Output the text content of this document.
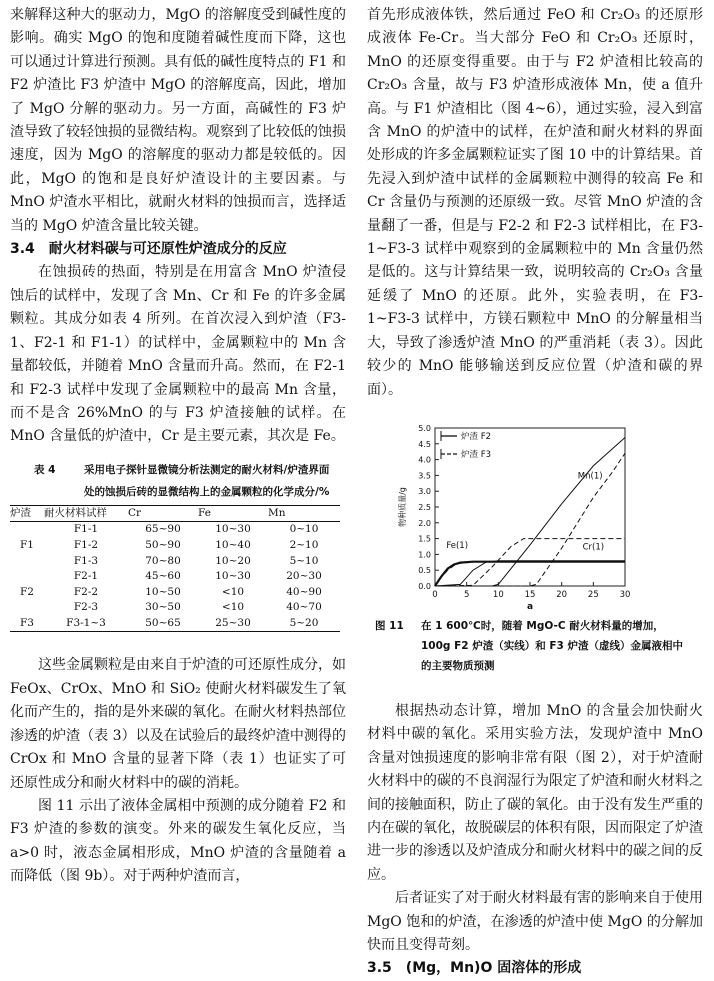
来解释这种大的驱动力，MgO 的溶解度受到碱性度的影响。确实 MgO 的饱和度随着碱性度而下降，这也可以通过计算进行预测。具有低的碱性度特点的 F1 和 F2 炉渣比 F3 炉渣中 MgO 的溶解度高，因此，增加了 MgO 分解的驱动力。另一方面，高碱性的 F3 炉渣导致了较轻蚀损的显微结构。观察到了比较低的蚀损速度，因为 MgO 的溶解度的驱动力都是较低的。因此，MgO 的饱和是良好炉渣设计的主要因素。与 MnO 炉渣水平相比，就耐火材料的蚀损而言，选择适当的 MgO 炉渣含量比较关键。

3.4　耐火材料碳与可还原性炉渣成分的反应

在蚀损砖的热面，特别是在用富含 MnO 炉渣侵蚀后的试样中，发现了含 Mn、Cr 和 Fe 的许多金属颗粒。其成分如表 4 所列。在首次浸入到炉渣（F3-1、F2-1 和 F1-1）的试样中，金属颗粒中的 Mn 含量都较低，并随着 MnO 含量而升高。然而，在 F2-1 和 F2-3 试样中发现了金属颗粒中的最高 Mn 含量，而不是含 26%MnO 的与 F3 炉渣接触的试样。在 MnO 含量低的炉渣中，Cr 是主要元素，其次是 Fe。

表 4	采用电子探针显微镜分析法测定的耐火材料/炉渣界面处的蚀损后砖的显微结构上的金属颗粒的化学成分/%
炉渣	耐火材料试样	Cr	Fe	Mn
F1	F1-1	65~90	10~30	0~10
	F1-2	50~90	10~40	2~10
	F1-3	70~80	10~20	5~10
F2	F2-1	45~60	10~30	20~30
	F2-2	10~50	<10	40~90
	F2-3	30~50	<10	40~70
F3	F3-1~3	50~65	25~30	5~20

这些金属颗粒是由来自于炉渣的可还原性成分，如 FeOx、CrOx、MnO 和 SiO₂ 使耐火材料碳发生了氧化而产生的，指的是外来碳的氧化。在耐火材料热部位渗透的炉渣（表 3）以及在试验后的最终炉渣中测得的 CrOx 和 MnO 含量的显著下降（表 1）也证实了可还原性成分和耐火材料中的碳的消耗。

图 11 示出了液体金属相中预测的成分随着 F2 和 F3 炉渣的参数的演变。外来的碳发生氧化反应，当 a>0 时，液态金属相形成，MnO 炉渣的含量随着 a 而降低（图 9b）。对于两种炉渣而言，

首先形成液体铁，然后通过 FeO 和 Cr₂O₃ 的还原形成液体 Fe-Cr。当大部分 FeO 和 Cr₂O₃ 还原时，MnO 的还原变得重要。由于与 F2 炉渣相比较高的 Cr₂O₃ 含量，故与 F3 炉渣形成液体 Mn，使 a 值升高。与 F1 炉渣相比（图 4~6），通过实验，浸入到富含 MnO 的炉渣中的试样，在炉渣和耐火材料的界面处形成的许多金属颗粒证实了图 10 中的计算结果。首先浸入到炉渣中试样的金属颗粒中测得的较高 Fe 和 Cr 含量仍与预测的还原级一致。尽管 MnO 炉渣的含量翻了一番，但是与 F2-2 和 F2-3 试样相比，在 F3-1~F3-3 试样中观察到的金属颗粒中的 Mn 含量仍然是低的。这与计算结果一致，说明较高的 Cr₂O₃ 含量延缓了 MnO 的还原。此外，实验表明，在 F3-1~F3-3 试样中，方镁石颗粒中 MnO 的分解量相当大，导致了渗透炉渣 MnO 的严重消耗（表 3）。因此较少的 MnO 能够输送到反应位置（炉渣和碳的界面）。

0.0
0.5
1.0
1.5
2.0
2.5
3.0
3.5
4.0
4.5
5.0
0	5	10 15 20 25 30
a
物种质量/g
Fe(1)	Cr(1)
Mn(1)
炉渣 F2
炉渣 F3
图 11	在 1 600℃时，随着 MgO-C 耐火材料量的增加，100g F2 炉渣（实线）和 F3 炉渣（虚线）金属液相中的主要物质预测

根据热动态计算，增加 MnO 的含量会加快耐火材料中碳的氧化。采用实验方法，发现炉渣中 MnO 含量对蚀损速度的影响非常有限（图 2），对于炉渣耐火材料中的碳的不良润湿行为限定了炉渣和耐火材料之间的接触面积，防止了碳的氧化。由于没有发生严重的内在碳的氧化，故脱碳层的体积有限，因而限定了炉渣进一步的渗透以及炉渣成分和耐火材料中的碳之间的反应。

后者证实了对于耐火材料最有害的影响来自于使用 MgO 饱和的炉渣，在渗透的炉渣中使 MgO 的分解加快而且变得苛刻。

3.5　(Mg，Mn)O 固溶体的形成
